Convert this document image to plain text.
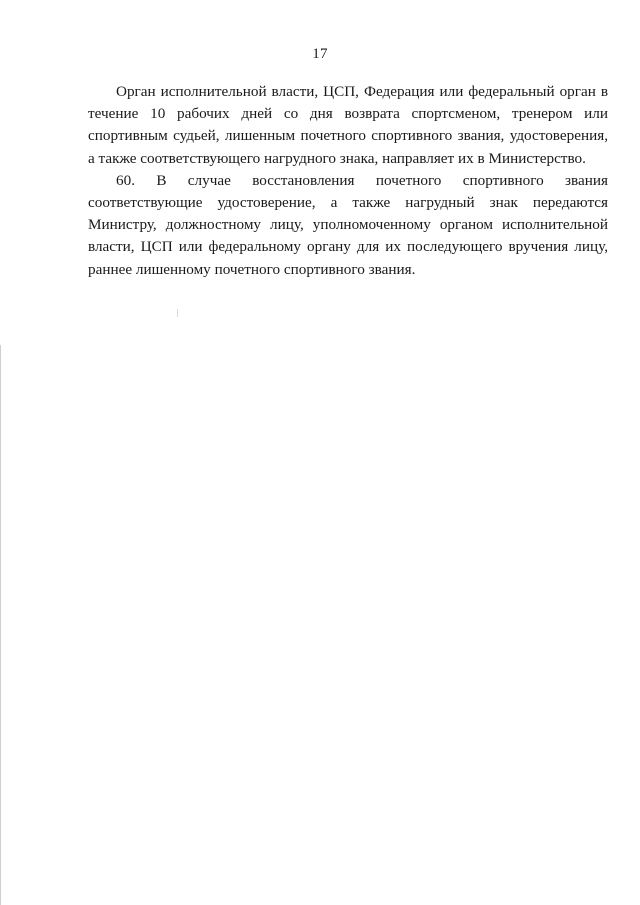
17

Орган исполнительной власти, ЦСП, Федерация или федеральный орган в течение 10 рабочих дней со дня возврата спортсменом, тренером или спортивным судьей, лишенным почетного спортивного звания, удостоверения, а также соответствующего нагрудного знака, направляет их в Министерство.

60. В случае восстановления почетного спортивного звания соответствующие удостоверение, а также нагрудный знак передаются Министру, должностному лицу, уполномоченному органом исполнительной власти, ЦСП или федеральному органу для их последующего вручения лицу, раннее лишенному почетного спортивного звания.
